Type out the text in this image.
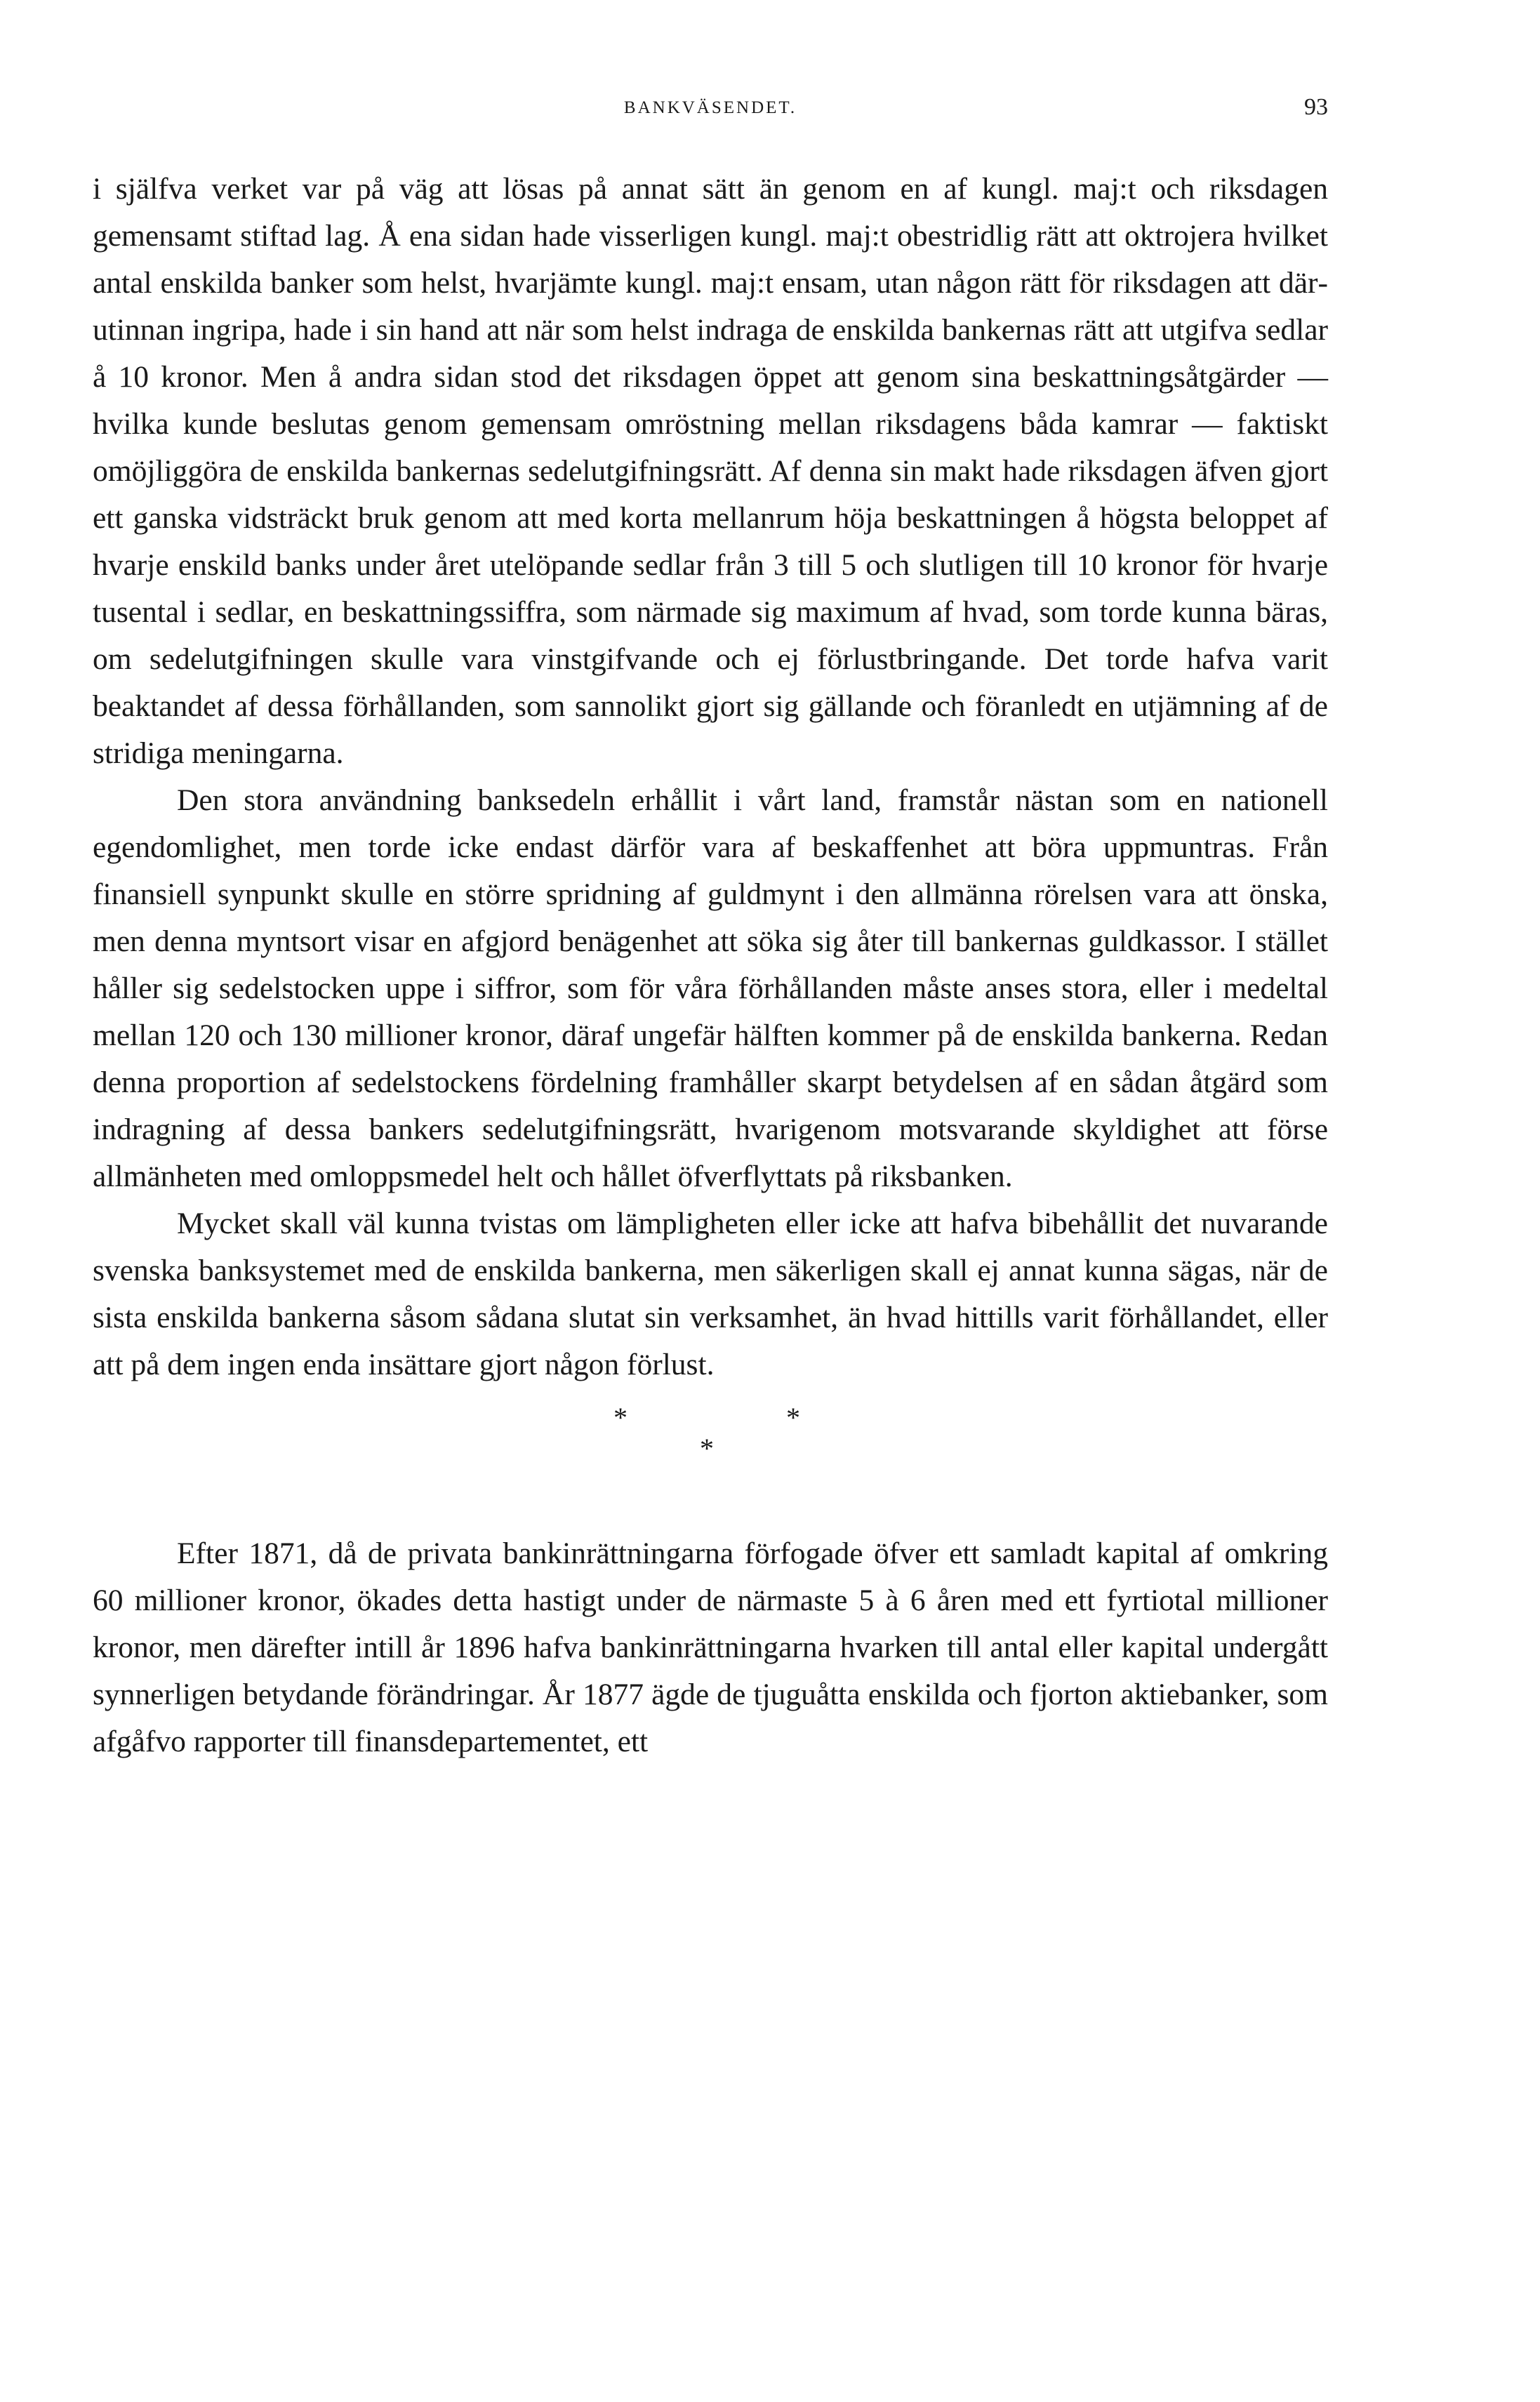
BANKVÄSENDET.	93

i själfva verket var på väg att lösas på annat sätt än genom en af kungl. maj:t och riksdagen gemensamt stiftad lag. Å ena sidan hade visserligen kungl. maj:t obestridlig rätt att oktrojera hvilket antal enskilda banker som helst, hvarjämte kungl. maj:t ensam, utan någon rätt för riksdagen att därutinnan ingripa, hade i sin hand att när som helst indraga de enskilda bankernas rätt att utgifva sedlar å 10 kronor. Men å andra sidan stod det riksdagen öppet att genom sina beskattningsåtgärder — hvilka kunde beslutas genom gemensam omröstning mellan riksdagens båda kamrar — faktiskt omöjliggöra de enskilda bankernas sedelutgifningsrätt. Af denna sin makt hade riksdagen äfven gjort ett ganska vidsträckt bruk genom att med korta mellanrum höja beskattningen å högsta beloppet af hvarje enskild banks under året utelöpande sedlar från 3 till 5 och slutligen till 10 kronor för hvarje tusental i sedlar, en beskattningssiffra, som närmade sig maximum af hvad, som torde kunna bäras, om sedelutgifningen skulle vara vinstgifvande och ej förlustbringande. Det torde hafva varit beaktandet af dessa förhållanden, som sannolikt gjort sig gällande och föranledt en utjämning af de stridiga meningarna.

Den stora användning banksedeln erhållit i vårt land, framstår nästan som en nationell egendomlighet, men torde icke endast därför vara af beskaffenhet att böra uppmuntras. Från finansiell synpunkt skulle en större spridning af guldmynt i den allmänna rörelsen vara att önska, men denna myntsort visar en afgjord benägenhet att söka sig åter till bankernas guldkassor. I stället håller sig sedelstocken uppe i siffror, som för våra förhållanden måste anses stora, eller i medeltal mellan 120 och 130 millioner kronor, däraf ungefär hälften kommer på de enskilda bankerna. Redan denna proportion af sedelstockens fördelning framhåller skarpt betydelsen af en sådan åtgärd som indragning af dessa bankers sedelutgifningsrätt, hvarigenom motsvarande skyldighet att förse allmänheten med omloppsmedel helt och hållet öfverflyttats på riksbanken.

Mycket skall väl kunna tvistas om lämpligheten eller icke att hafva bibehållit det nuvarande svenska banksystemet med de enskilda bankerna, men säkerligen skall ej annat kunna sägas, när de sista enskilda bankerna såsom sådana slutat sin verksamhet, än hvad hittills varit förhållandet, eller att på dem ingen enda insättare gjort någon förlust.

*	*
*

Efter 1871, då de privata bankinrättningarna förfogade öfver ett samladt kapital af omkring 60 millioner kronor, ökades detta hastigt under de närmaste 5 à 6 åren med ett fyrtiotal millioner kronor, men därefter intill år 1896 hafva bankinrättningarna hvarken till antal eller kapital undergått synnerligen betydande förändringar. År 1877 ägde de tjuguåtta enskilda och fjorton aktiebanker, som afgåfvo rapporter till finansdepartementet, ett
